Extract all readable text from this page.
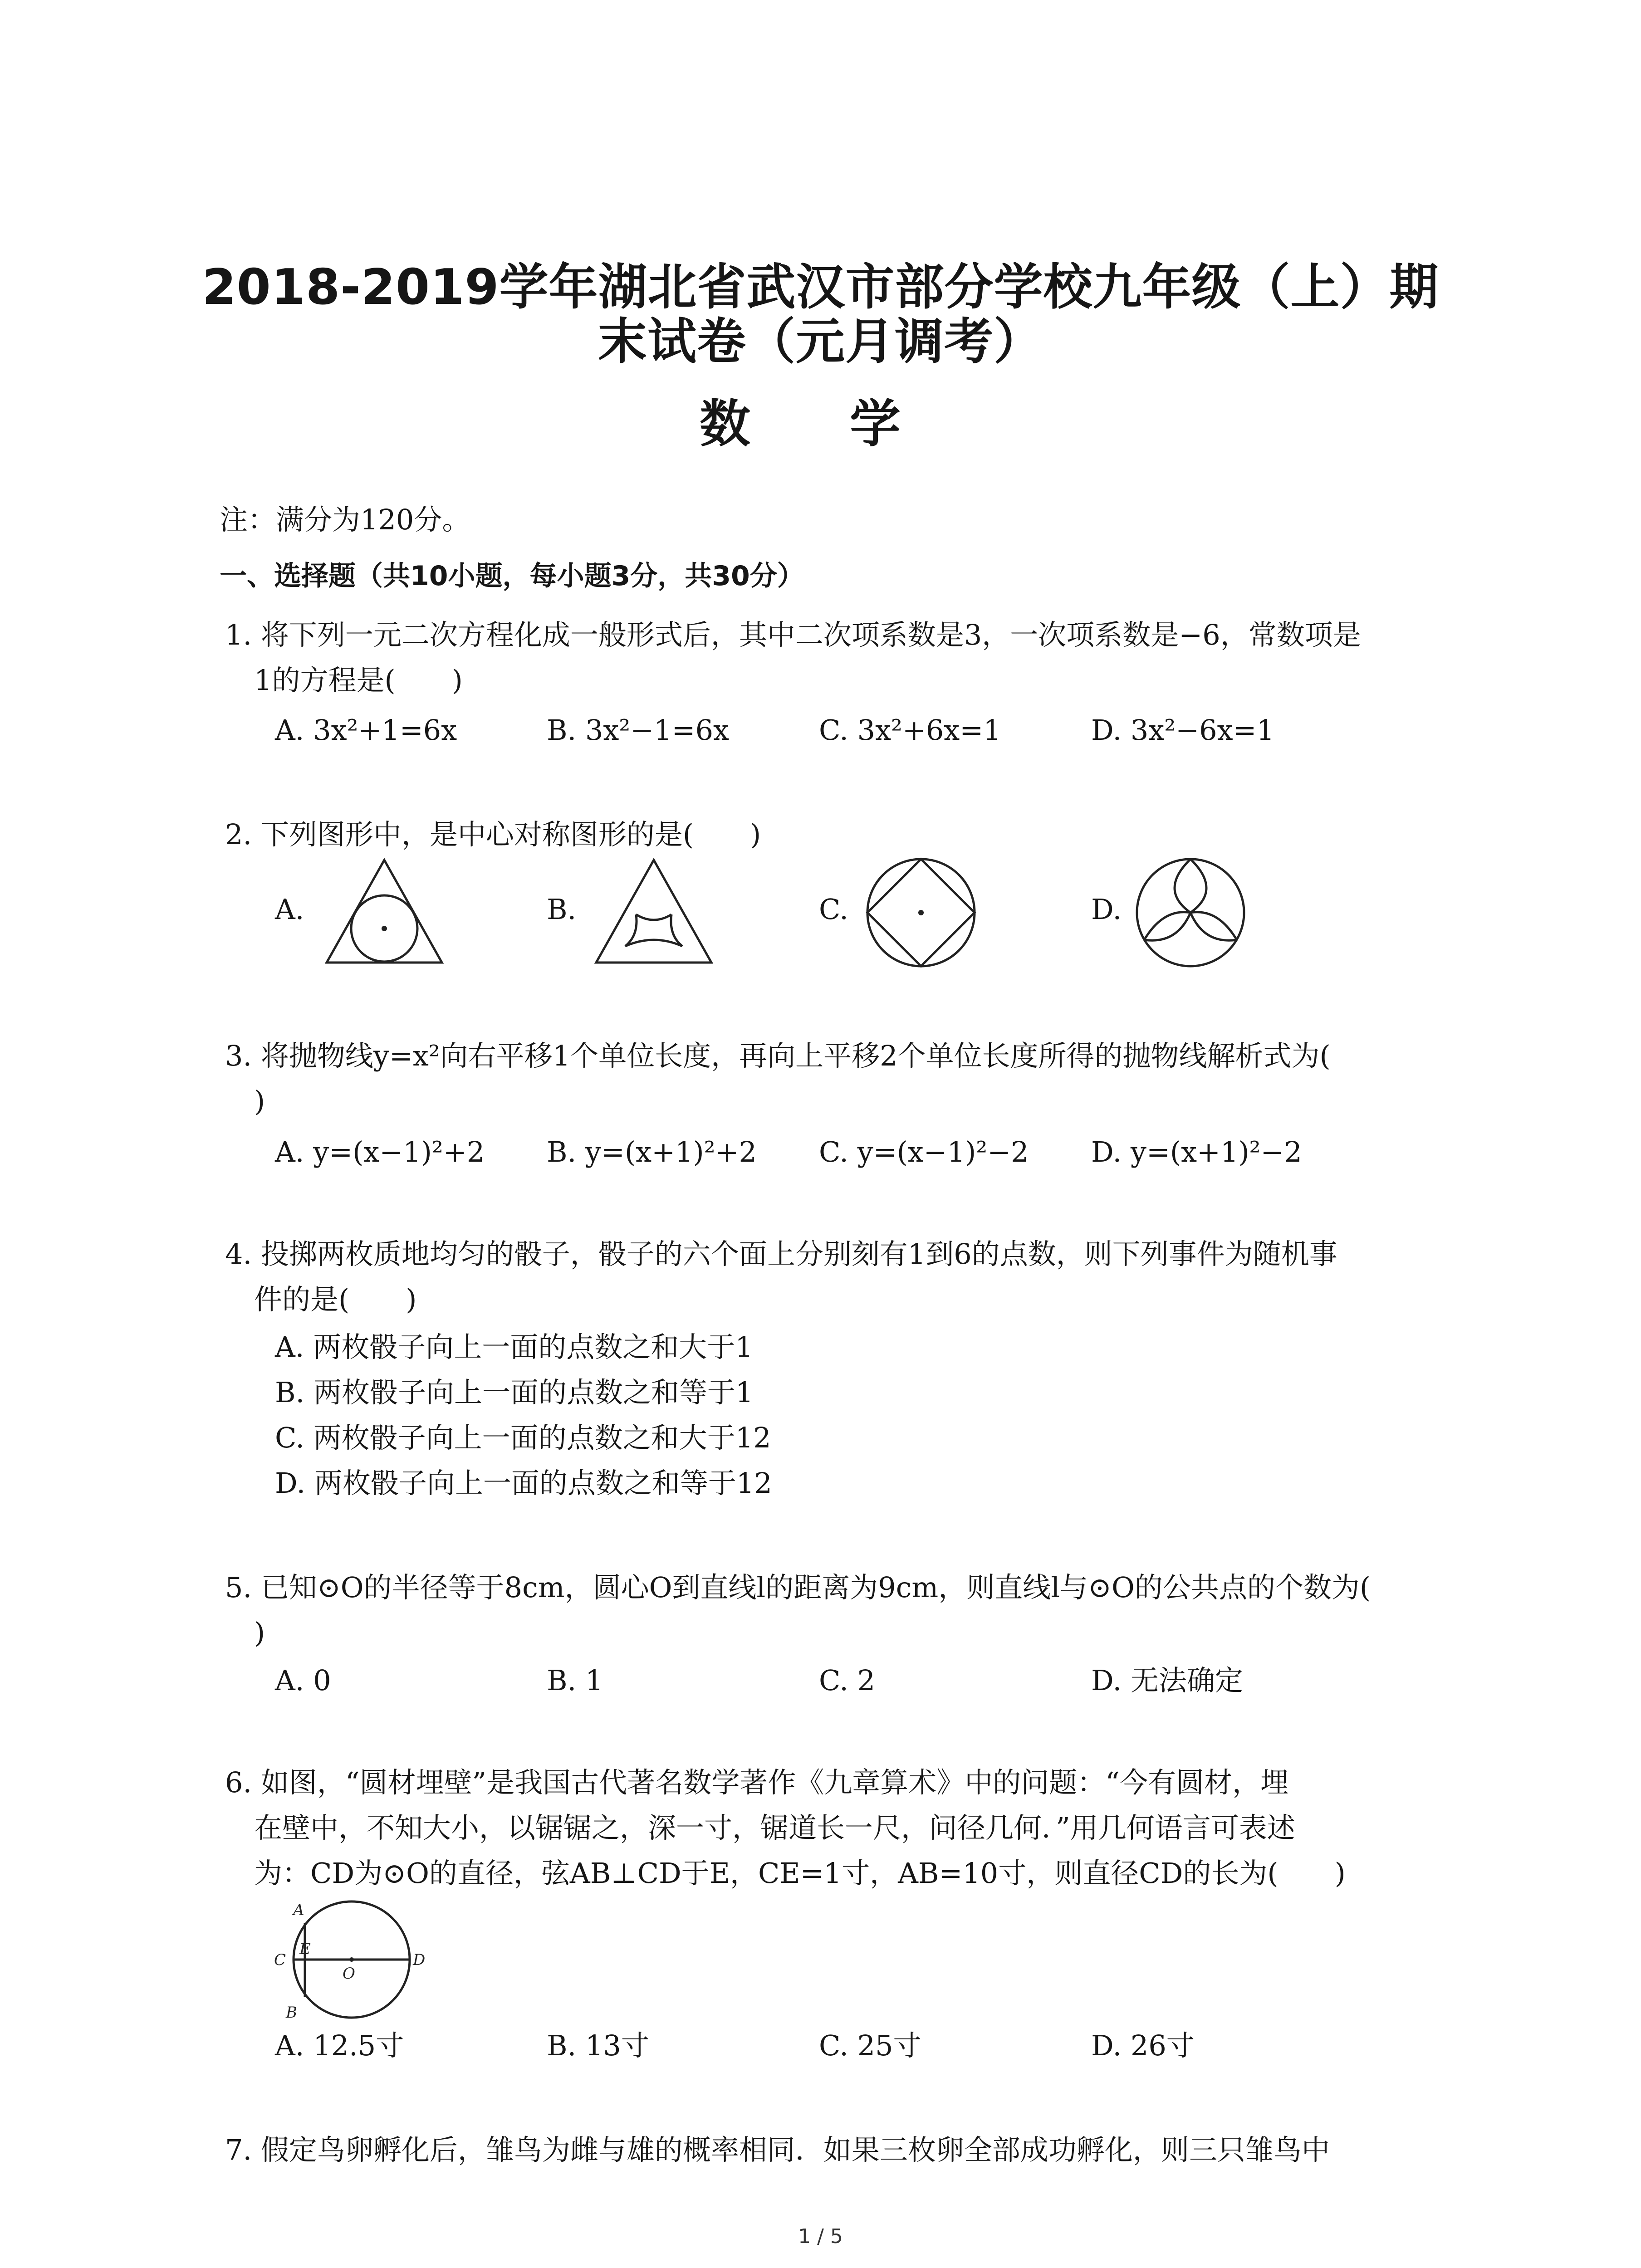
2018-2019学年湖北省武汉市部分学校九年级（上）期
末试卷（元月调考）
数 学
注：满分为120分。
一、选择题（共10小题，每小题3分，共30分）
1. 将下列一元二次方程化成一般形式后，其中二次项系数是3，一次项系数是−6，常数项是
1的方程是(　　)
A. 3x²+1=6x	B. 3x²−1=6x	C. 3x²+6x=1	D. 3x²−6x=1
2. 下列图形中，是中心对称图形的是(　　)
A.	B.	C.	D.
3. 将抛物线y=x²向右平移1个单位长度，再向上平移2个单位长度所得的抛物线解析式为(
)
A. y=(x−1)²+2 B. y=(x+1)²+2 C. y=(x−1)²−2 D. y=(x+1)²−2
4. 投掷两枚质地均匀的骰子，骰子的六个面上分别刻有1到6的点数，则下列事件为随机事
件的是(　　)
A. 两枚骰子向上一面的点数之和大于1
B. 两枚骰子向上一面的点数之和等于1
C. 两枚骰子向上一面的点数之和大于12
D. 两枚骰子向上一面的点数之和等于12
5. 已知⊙O的半径等于8cm，圆心O到直线l的距离为9cm，则直线l与⊙O的公共点的个数为(
)
A. 0	B. 1	C. 2	D. 无法确定
6. 如图，“圆材埋壁”是我国古代著名数学著作《九章算术》中的问题：“今有圆材，埋
在壁中，不知大小，以锯锯之，深一寸，锯道长一尺，问径几何．”用几何语言可表述
为：CD为⊙O的直径，弦AB⊥CD于E，CE=1寸，AB=10寸，则直径CD的长为(　　)
A
E
C
O
D
B
A. 12.5寸	B. 13寸	C. 25寸	D. 26寸
7. 假定鸟卵孵化后，雏鸟为雌与雄的概率相同．如果三枚卵全部成功孵化，则三只雏鸟中
1 / 5
